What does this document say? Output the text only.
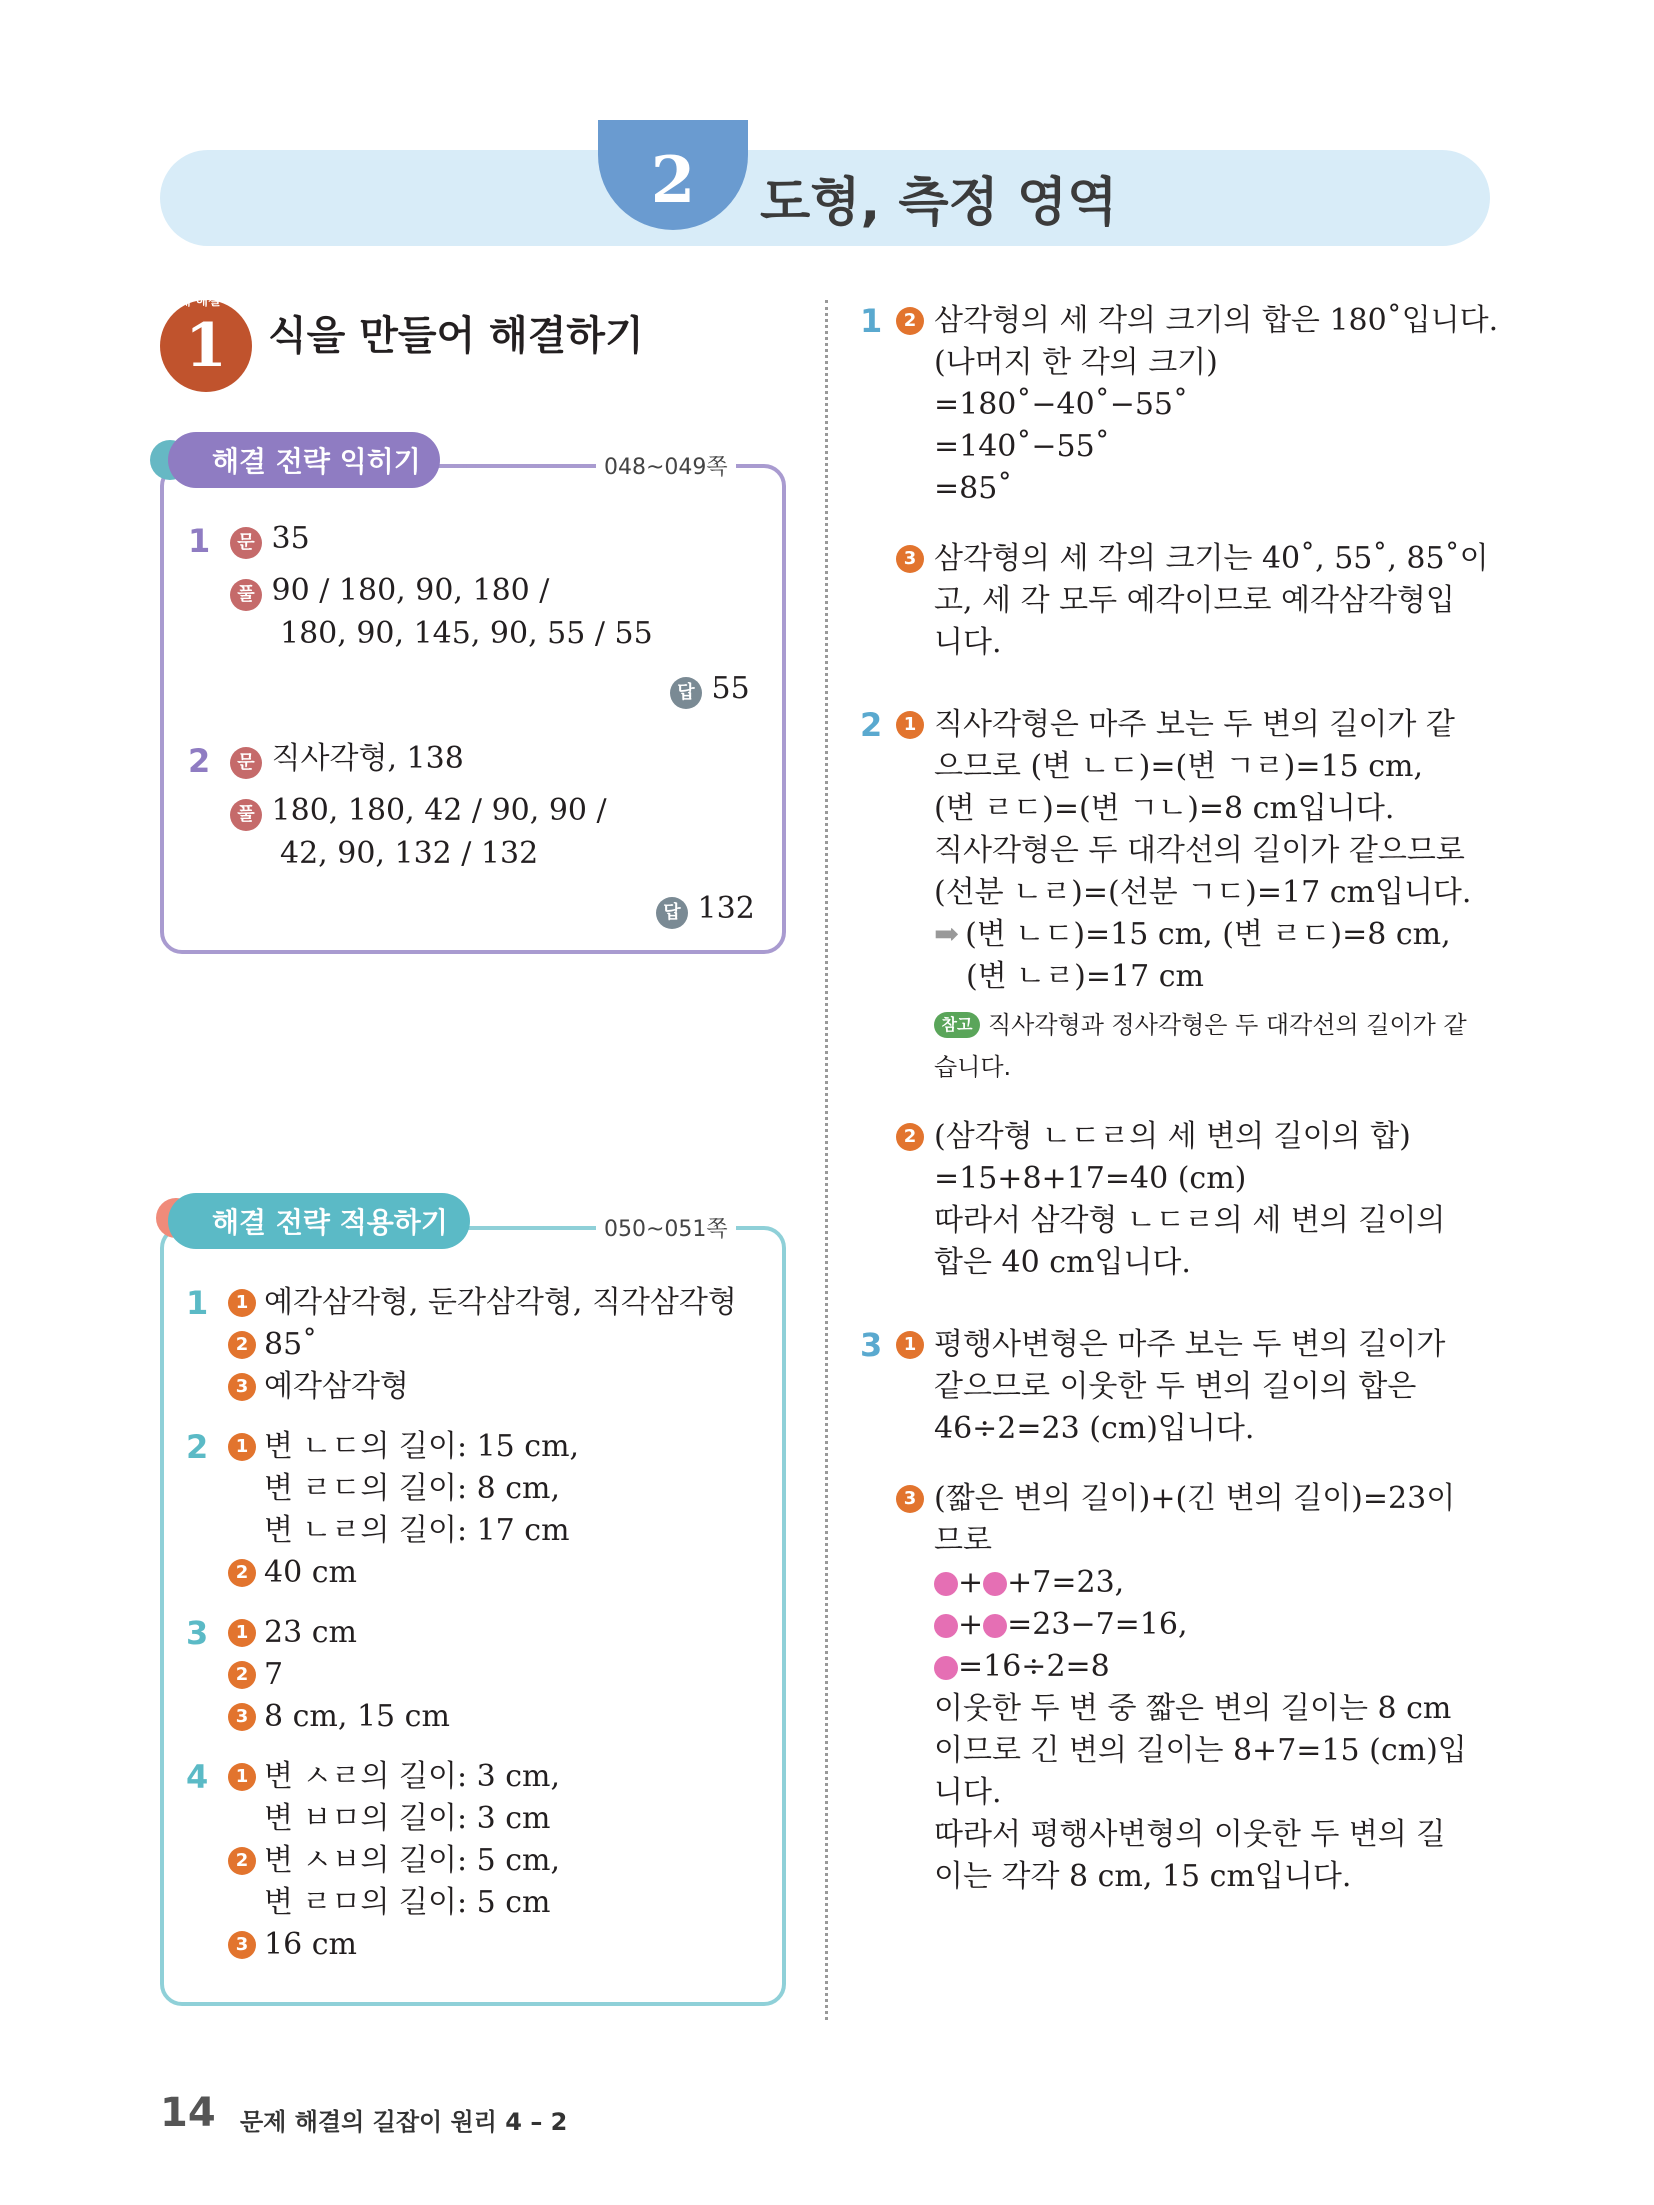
2	도형, 측정 영역
1
문제 해결 전략
식을 만들어 해결하기
048~049쪽
해결 전략 익히기
1	문 35
풀 90 / 180, 90, 180 /
180, 90, 145, 90, 55 / 55
답 55
2	문 직사각형, 138
풀 180, 180, 42 / 90, 90 /
42, 90, 132 / 132
답 132
050~051쪽
해결 전략 적용하기
1	1 예각삼각형, 둔각삼각형, 직각삼각형
2 85˚
3 예각삼각형
2	1 변 ㄴㄷ의 길이: 15 cm,
변 ㄹㄷ의 길이: 8 cm,
변 ㄴㄹ의 길이: 17 cm
2 40 cm
3	1 23 cm
2 7
3 8 cm, 15 cm
4	1 변 ㅅㄹ의 길이: 3 cm,
변 ㅂㅁ의 길이: 3 cm
2 변 ㅅㅂ의 길이: 5 cm,
변 ㄹㅁ의 길이: 5 cm
3 16 cm
1	2 삼각형의 세 각의 크기의 합은 180˚입니다.
(나머지 한 각의 크기)
=180˚−40˚−55˚
=140˚−55˚
=85˚
3 삼각형의 세 각의 크기는 40˚, 55˚, 85˚이
고, 세 각 모두 예각이므로 예각삼각형입
니다.
2	1 직사각형은 마주 보는 두 변의 길이가 같
으므로 (변 ㄴㄷ)=(변 ㄱㄹ)=15 cm,
(변 ㄹㄷ)=(변 ㄱㄴ)=8 cm입니다.
직사각형은 두 대각선의 길이가 같으므로
(선분 ㄴㄹ)=(선분 ㄱㄷ)=17 cm입니다.
➡ (변 ㄴㄷ)=15 cm, (변 ㄹㄷ)=8 cm,
(변 ㄴㄹ)=17 cm
참고 직사각형과 정사각형은 두 대각선의 길이가 같
습니다.
2 (삼각형 ㄴㄷㄹ의 세 변의 길이의 합)
=15+8+17=40 (cm)
따라서 삼각형 ㄴㄷㄹ의 세 변의 길이의
합은 40 cm입니다.
3	1 평행사변형은 마주 보는 두 변의 길이가
같으므로 이웃한 두 변의 길이의 합은
46÷2=23 (cm)입니다.
3 (짧은 변의 길이)+(긴 변의 길이)=23이
므로
+ +7=23,
+ =23−7=16,
=16÷2=8
이웃한 두 변 중 짧은 변의 길이는 8 cm
이므로 긴 변의 길이는 8+7=15 (cm)입
니다.
따라서 평행사변형의 이웃한 두 변의 길
이는 각각 8 cm, 15 cm입니다.
14 문제 해결의 길잡이 원리 4 – 2
